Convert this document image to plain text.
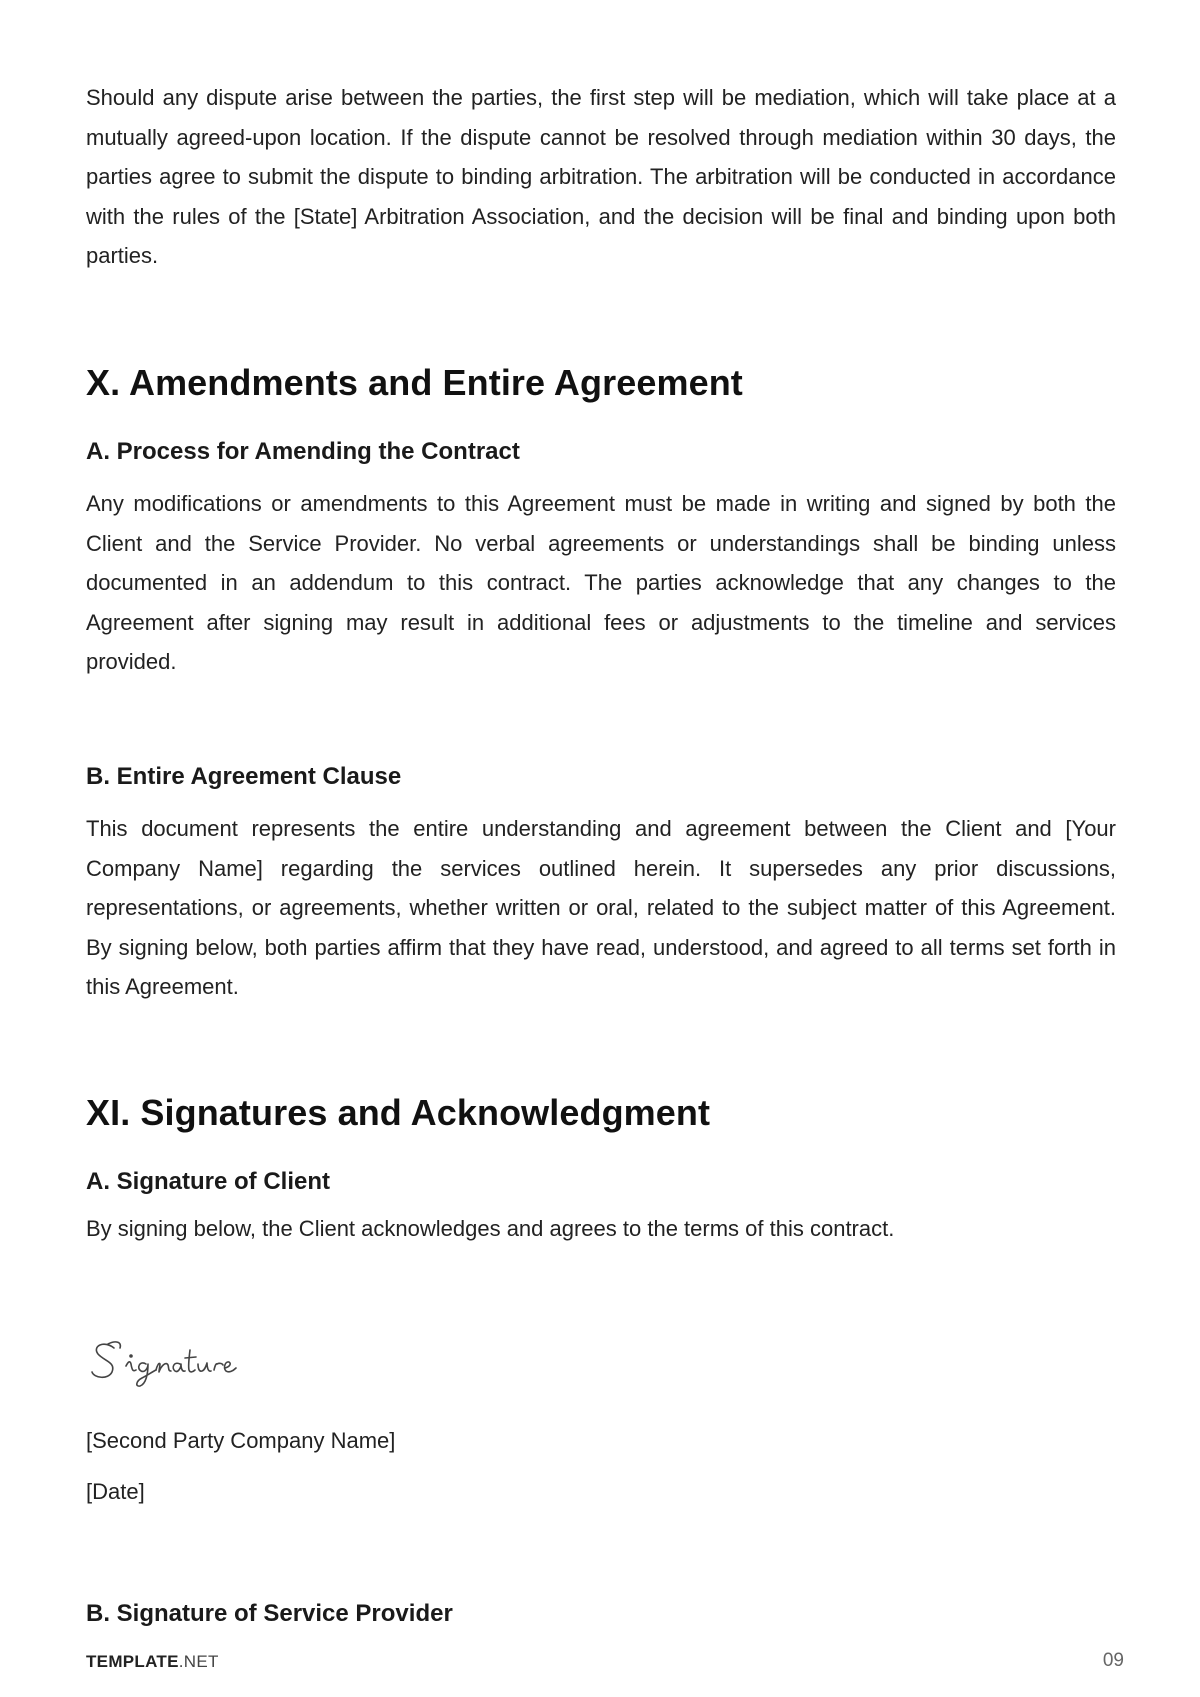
Should any dispute arise between the parties, the first step will be mediation, which will take place at a mutually agreed-upon location. If the dispute cannot be resolved through mediation within 30 days, the parties agree to submit the dispute to binding arbitration. The arbitration will be conducted in accordance with the rules of the [State] Arbitration Association, and the decision will be final and binding upon both parties.

X. Amendments and Entire Agreement
A. Process for Amending the Contract

Any modifications or amendments to this Agreement must be made in writing and signed by both the Client and the Service Provider. No verbal agreements or understandings shall be binding unless documented in an addendum to this contract. The parties acknowledge that any changes to the Agreement after signing may result in additional fees or adjustments to the timeline and services provided.

B. Entire Agreement Clause

This document represents the entire understanding and agreement between the Client and [Your Company Name] regarding the services outlined herein. It supersedes any prior discussions, representations, or agreements, whether written or oral, related to the subject matter of this Agreement. By signing below, both parties affirm that they have read, understood, and agreed to all terms set forth in this Agreement.

XI. Signatures and Acknowledgment
A. Signature of Client

By signing below, the Client acknowledges and agrees to the terms of this contract.

[Second Party Company Name]

[Date]

B. Signature of Service Provider
TEMPLATE.NET	09
